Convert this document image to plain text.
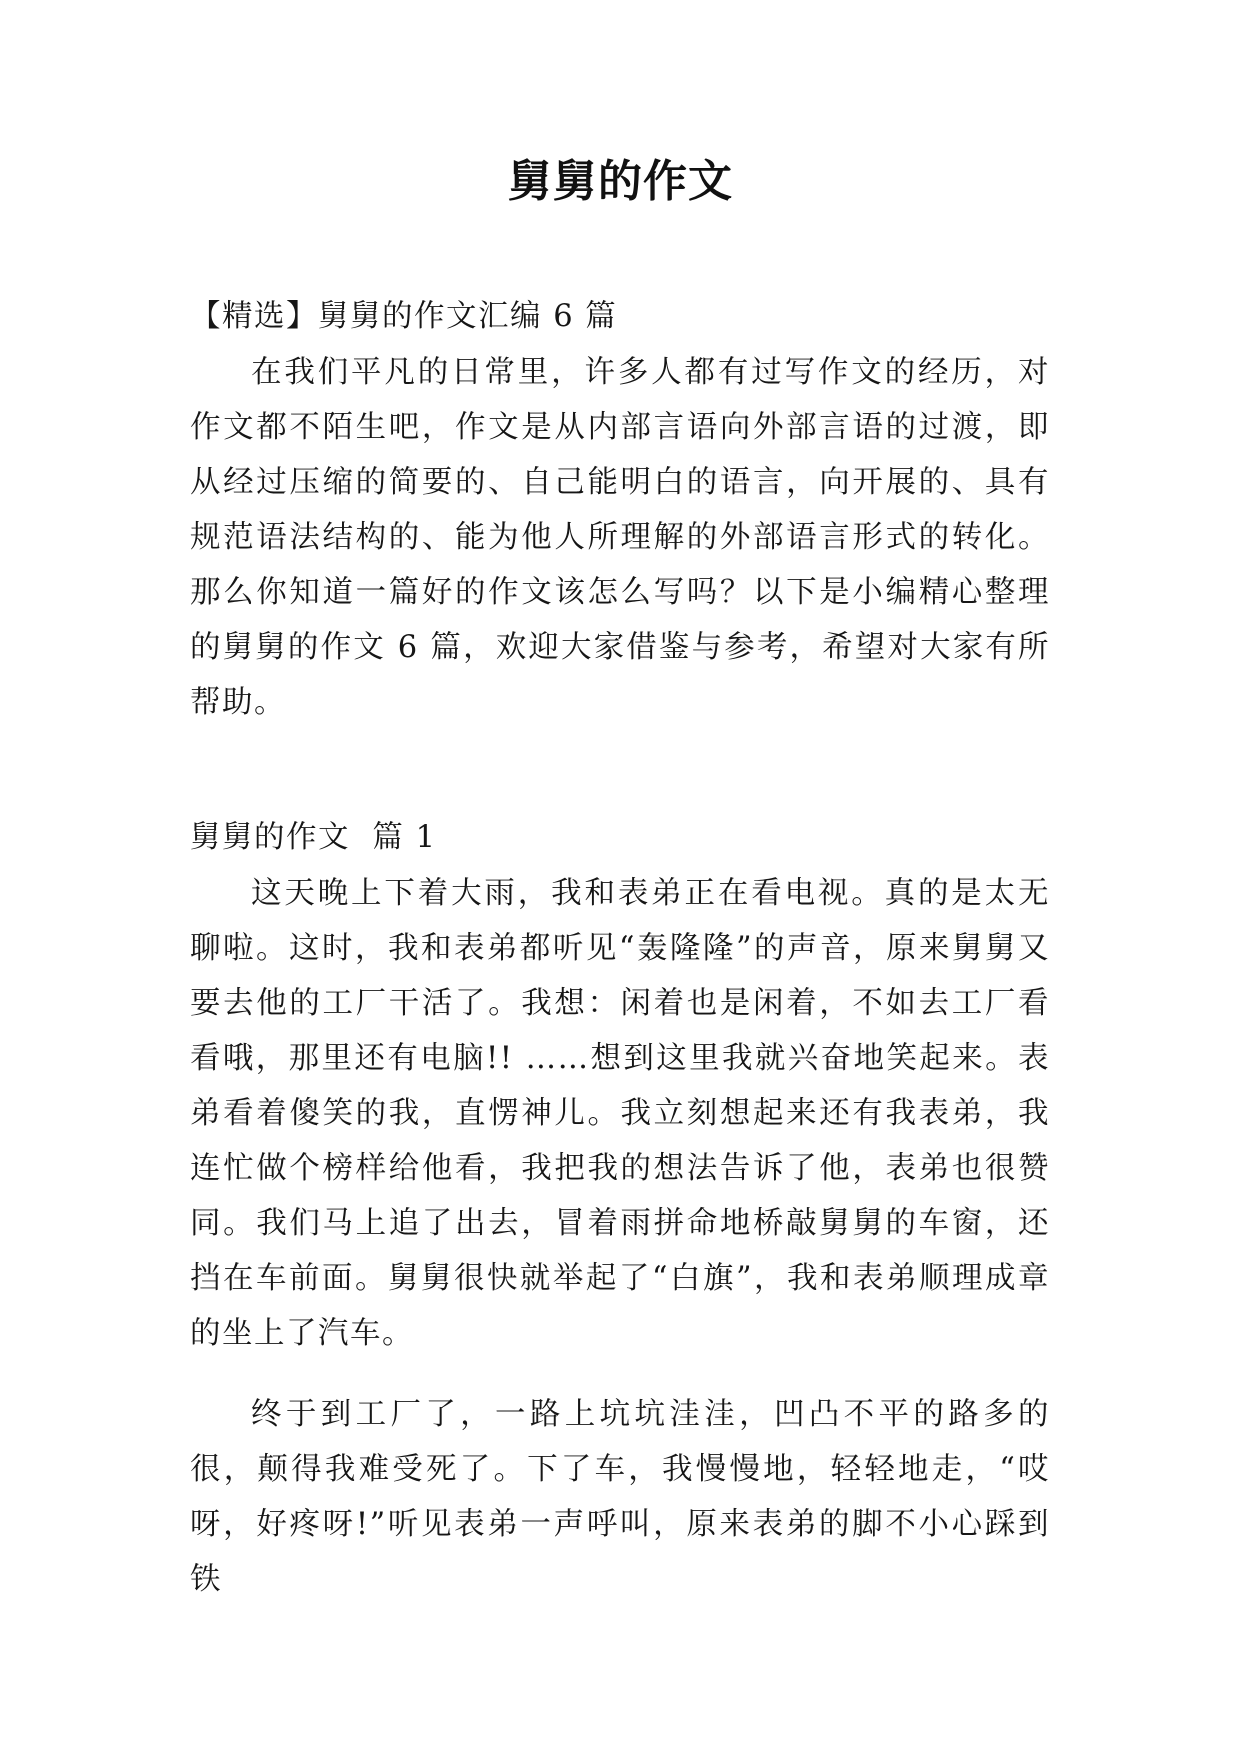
舅舅的作文

【精选】舅舅的作文汇编 6 篇

在我们平凡的日常里，许多人都有过写作文的经历，对作文都不陌生吧，作文是从内部言语向外部言语的过渡，即从经过压缩的简要的、自己能明白的语言，向开展的、具有规范语法结构的、能为他人所理解的外部语言形式的转化。那么你知道一篇好的作文该怎么写吗？以下是小编精心整理的舅舅的作文 6 篇，欢迎大家借鉴与参考，希望对大家有所帮助。

舅舅的作文  篇 1

这天晚上下着大雨，我和表弟正在看电视。真的是太无聊啦。这时，我和表弟都听见“轰隆隆”的声音，原来舅舅又要去他的工厂干活了。我想：闲着也是闲着，不如去工厂看看哦，那里还有电脑!! ……想到这里我就兴奋地笑起来。表弟看着傻笑的我，直愣神儿。我立刻想起来还有我表弟，我连忙做个榜样给他看，我把我的想法告诉了他，表弟也很赞同。我们马上追了出去，冒着雨拼命地桥敲舅舅的车窗，还挡在车前面。舅舅很快就举起了“白旗”，我和表弟顺理成章的坐上了汽车。

终于到工厂了，一路上坑坑洼洼，凹凸不平的路多的很，颠得我难受死了。下了车，我慢慢地，轻轻地走，“哎呀，好疼呀!”听见表弟一声呼叫，原来表弟的脚不小心踩到铁
